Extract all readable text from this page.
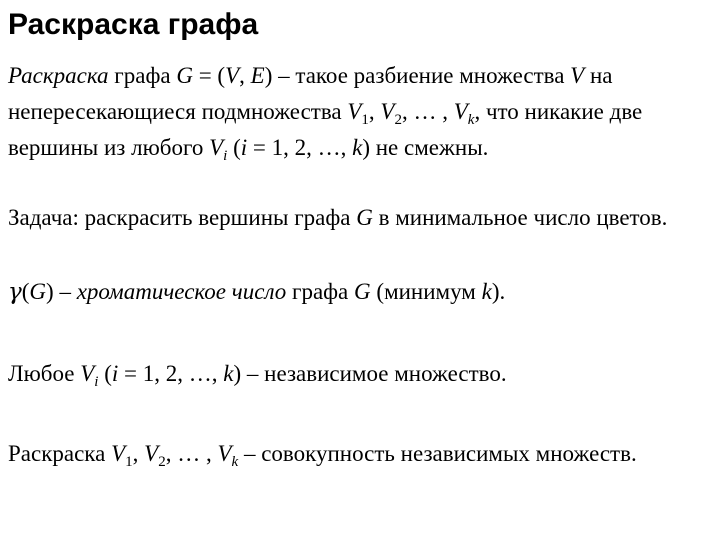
Раскраска графа
Раскраска графа G = (V, E) – такое разбиение множества V на непересекающиеся подмножества $V_1$, $V_2$, … , $V_k$, что никакие две вершины из любого $V_i$ (i = 1, 2, …, k) не смежны.
Задача: раскрасить вершины графа G в минимальное число цветов.
γ(G) – хроматическое число графа G (минимум k).
Любое $V_i$ (i = 1, 2, …, k) – независимое множество.
Раскраска $V_1$, $V_2$, … , $V_k$ – совокупность независимых множеств.
